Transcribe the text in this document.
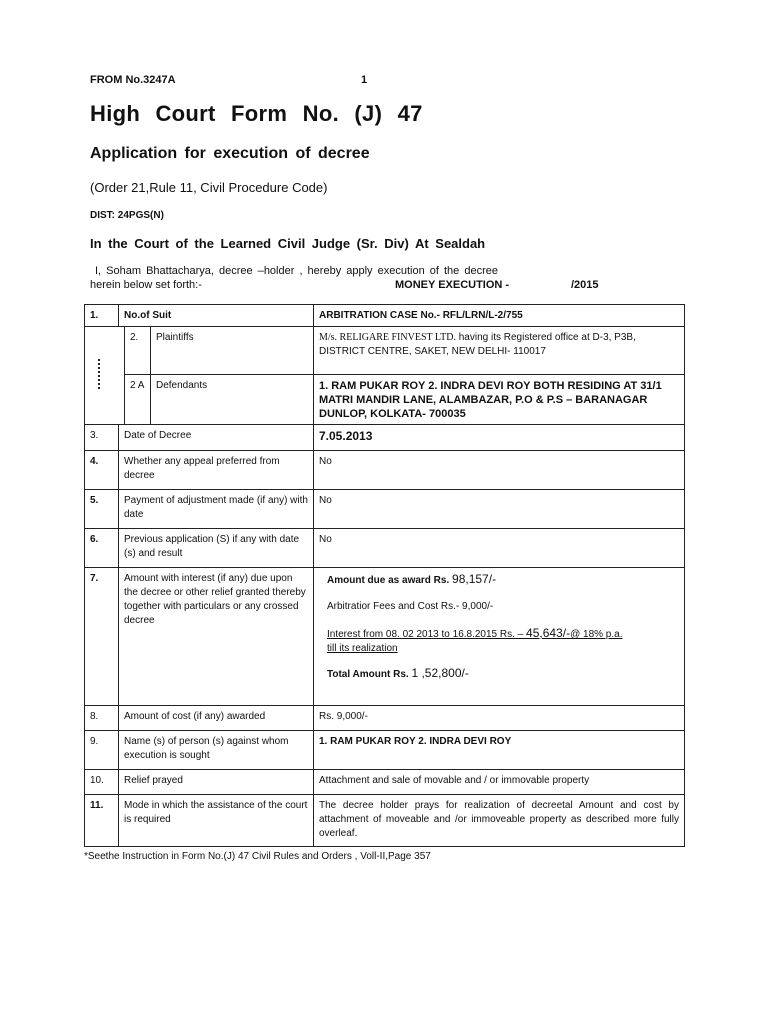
FROM No.3247A	1
High Court Form No. (J) 47
Application for execution of decree
(Order 21,Rule 11, Civil Procedure Code)
DIST: 24PGS(N)
In the Court of the Learned Civil Judge (Sr. Div) At Sealdah
I, Soham Bhattacharya, decree –holder , hereby apply execution of the decree
herein below set forth:-	MONEY EXECUTION -	/2015
1.	No.of Suit			ARBITRATION CASE No.- RFL/LRN/L-2/755

		2.	Plaintiffs	M/s. RELIGARE FINVEST LTD. having its Registered office at D-3, P3B, DISTRICT CENTRE, SAKET, NEW DELHI- 110017
		2 A	Defendants	1. RAM PUKAR ROY 2. INDRA DEVI ROY BOTH RESIDING AT 31/1 MATRI MANDIR LANE, ALAMBAZAR, P.O & P.S – BARANAGAR DUNLOP, KOLKATA- 700035
3.	Date of Decree			7.05.2013
4.	Whether any appeal preferred from decree			No
5.	Payment of adjustment made (if any) with date			No
6.	Previous application (S) if any with date (s) and result			No
7.	Amount with interest (if any) due upon the decree or other relief granted thereby together with particulars or any crossed decree			Amount due as award Rs. 98,157/-
Arbitratior Fees and Cost Rs.- 9,000/-
Interest from 08. 02 2013 to 16.8.2015 Rs. – 45,643/-@ 18% p.a.
till its realization
Total Amount Rs. 1 ,52,800/-

8.	Amount of cost (if any) awarded			Rs. 9,000/-
9.	Name (s) of person (s) against whom execution is sought			1. RAM PUKAR ROY 2. INDRA DEVI ROY
10.	Relief prayed			Attachment and sale of movable and / or immovable property
11.	Mode in which the assistance of the court is required			The decree holder prays for realization of decreetal Amount and cost by attachment of moveable and /or immoveable property as described more fully overleaf.
*Seethe Instruction in Form No.(J) 47 Civil Rules and Orders , Voll-II,Page 357
